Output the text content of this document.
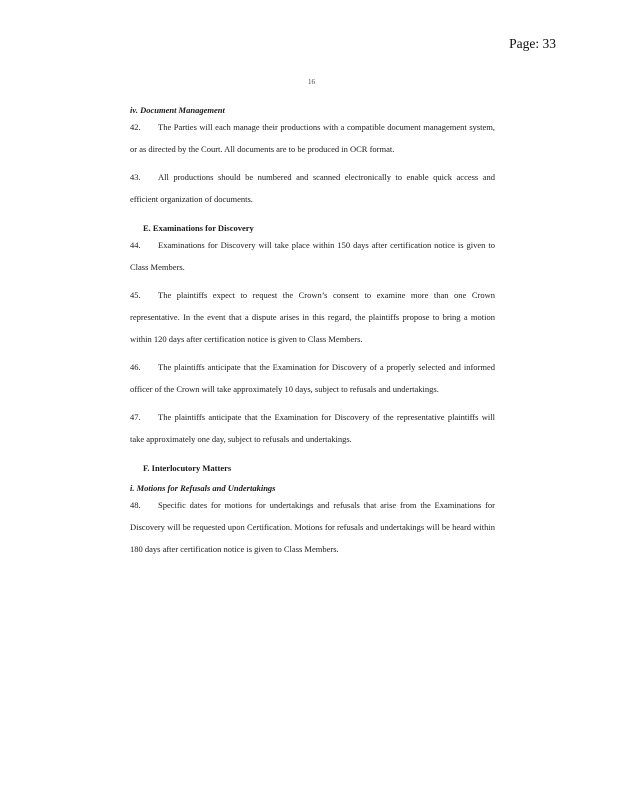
Page: 33
16
iv. Document Management

42. The Parties will each manage their productions with a compatible document management system, or as directed by the Court. All documents are to be produced in OCR format.

43. All productions should be numbered and scanned electronically to enable quick access and efficient organization of documents.

E. Examinations for Discovery

44. Examinations for Discovery will take place within 150 days after certification notice is given to Class Members.

45. The plaintiffs expect to request the Crown’s consent to examine more than one Crown representative. In the event that a dispute arises in this regard, the plaintiffs propose to bring a motion within 120 days after certification notice is given to Class Members.

46. The plaintiffs anticipate that the Examination for Discovery of a properly selected and informed officer of the Crown will take approximately 10 days, subject to refusals and undertakings.

47. The plaintiffs anticipate that the Examination for Discovery of the representative plaintiffs will take approximately one day, subject to refusals and undertakings.

F. Interlocutory Matters
i. Motions for Refusals and Undertakings

48. Specific dates for motions for undertakings and refusals that arise from the Examinations for Discovery will be requested upon Certification. Motions for refusals and undertakings will be heard within 180 days after certification notice is given to Class Members.
